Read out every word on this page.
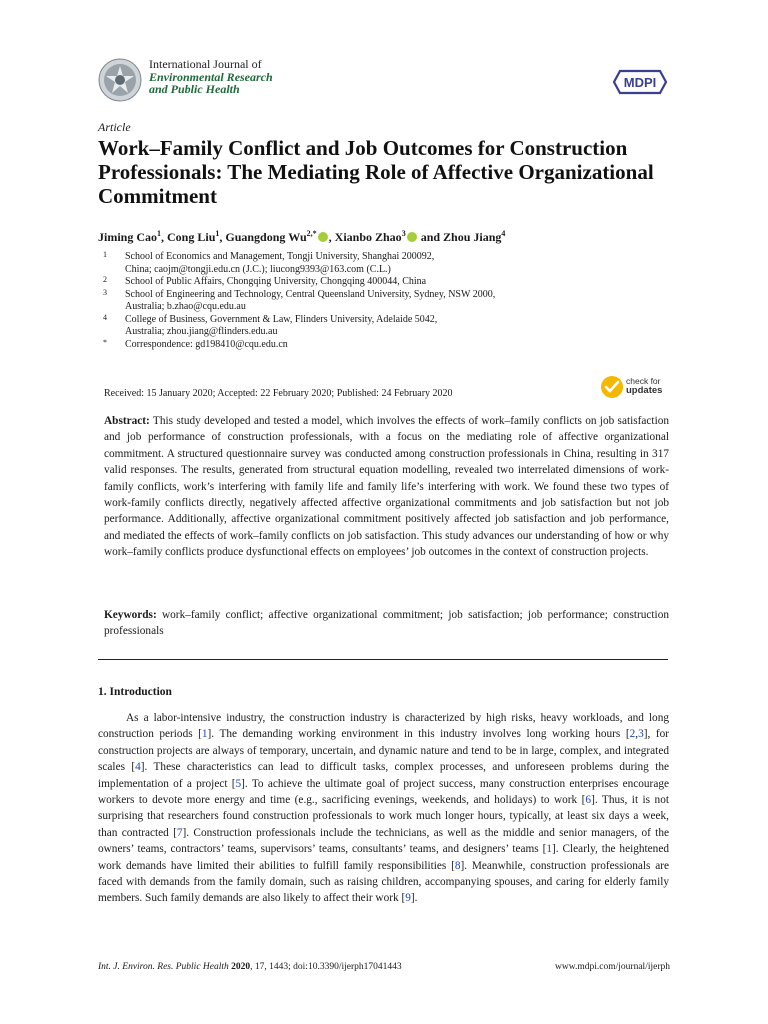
International Journal of
Environmental Research
and Public Health	MDPI
Article
Work–Family Conflict and Job Outcomes for Construction Professionals: The Mediating Role of Affective Organizational Commitment
Jiming Cao$^1$, Cong Liu$^1$, Guangdong $Wu^{2,*}$ , Xianbo Zhao$^3$ and Zhou Jiang$^4$
1 School of Economics and Management, Tongji University, Shanghai 200092,
China; caojm@tongji.edu.cn (J.C.); liucong9393@163.com (C.L.)
2 School of Public Affairs, Chongqing University, Chongqing 400044, China
3 School of Engineering and Technology, Central Queensland University, Sydney, NSW 2000,
Australia; b.zhao@cqu.edu.au
4 College of Business, Government & Law, Flinders University, Adelaide 5042,
Australia; zhou.jiang@flinders.edu.au
* Correspondence: gd198410@cqu.edu.cn
Received: 15 January 2020; Accepted: 22 February 2020; Published: 24 February 2020
check for
updates
Abstract: This study developed and tested a model, which involves the effects of work–family conflicts on job satisfaction and job performance of construction professionals, with a focus on the mediating role of affective organizational commitment. A structured questionnaire survey was conducted among construction professionals in China, resulting in 317 valid responses. The results, generated from structural equation modelling, revealed two interrelated dimensions of work-family conflicts, work’s interfering with family life and family life’s interfering with work. We found these two types of work-family conflicts directly, negatively affected affective organizational commitments and job satisfaction but not job performance. Additionally, affective organizational commitment positively affected job satisfaction and job performance, and mediated the effects of work–family conflicts on job satisfaction. This study advances our understanding of how or why work–family conflicts produce dysfunctional effects on employees’ job outcomes in the context of construction projects.
Keywords: work–family conflict; affective organizational commitment; job satisfaction; job performance; construction professionals
1. Introduction
As a labor-intensive industry, the construction industry is characterized by high risks, heavy workloads, and long construction periods [1]. The demanding working environment in this industry involves long working hours [2,3], for construction projects are always of temporary, uncertain, and dynamic nature and tend to be in large, complex, and integrated scales [4]. These characteristics can lead to difficult tasks, complex processes, and unforeseen problems during the implementation of a project [5]. To achieve the ultimate goal of project success, many construction enterprises encourage workers to devote more energy and time (e.g., sacrificing evenings, weekends, and holidays) to work [6]. Thus, it is not surprising that researchers found construction professionals to work much longer hours, typically, at least six days a week, than contracted [7]. Construction professionals include the technicians, as well as the middle and senior managers, of the owners’ teams, contractors’ teams, supervisors’ teams, consultants’ teams, and designers’ teams [1]. Clearly, the heightened work demands have limited their abilities to fulfill family responsibilities [8]. Meanwhile, construction professionals are faced with demands from the family domain, such as raising children, accompanying spouses, and caring for elderly family members. Such family demands are also likely to affect their work [9].
Int. J. Environ. Res. Public Health 2020, 17, 1443; doi:10.3390/ijerph17041443	www.mdpi.com/journal/ijerph
